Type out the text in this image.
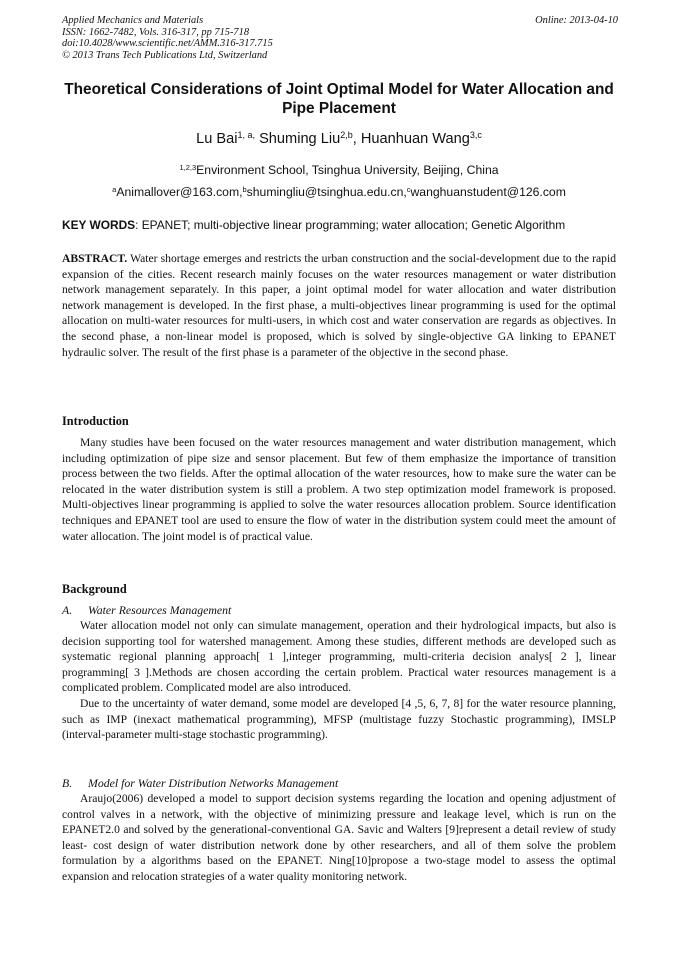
Applied Mechanics and Materials
ISSN: 1662-7482, Vols. 316-317, pp 715-718
doi:10.4028/www.scientific.net/AMM.316-317.715
© 2013 Trans Tech Publications Ltd, Switzerland
Online: 2013-04-10
Theoretical Considerations of Joint Optimal Model for Water Allocation and Pipe Placement
Lu Bai$^{1, a,}$ Shuming Liu$^{2,b}$, Huanhuan Wang$^{3,c}$
$^{1,2,3}$Environment School, Tsinghua University, Beijing, China
$^a$Animallover@163.com,$^b$shumingliu@tsinghua.edu.cn,$^c$wanghuanstudent@126.com
KEY WORDS: EPANET; multi-objective linear programming; water allocation; Genetic Algorithm

ABSTRACT. Water shortage emerges and restricts the urban construction and the social-development due to the rapid expansion of the cities. Recent research mainly focuses on the water resources management or water distribution network management separately. In this paper, a joint optimal model for water allocation and water distribution network management is developed. In the first phase, a multi-objectives linear programming is used for the optimal allocation on multi-water resources for multi-users, in which cost and water conservation are regards as objectives. In the second phase, a non-linear model is proposed, which is solved by single-objective GA linking to EPANET hydraulic solver. The result of the first phase is a parameter of the objective in the second phase.

Introduction

Many studies have been focused on the water resources management and water distribution management, which including optimization of pipe size and sensor placement. But few of them emphasize the importance of transition process between the two fields. After the optimal allocation of the water resources, how to make sure the water can be relocated in the water distribution system is still a problem. A two step optimization model framework is proposed. Multi-objectives linear programming is applied to solve the water resources allocation problem. Source identification techniques and EPANET tool are used to ensure the flow of water in the distribution system could meet the amount of water allocation. The joint model is of practical value.

Background
A. Water Resources Management

Water allocation model not only can simulate management, operation and their hydrological impacts, but also is decision supporting tool for watershed management. Among these studies, different methods are developed such as systematic regional planning approach[ 1 ],integer programming, multi-criteria decision analys[ 2 ], linear programming[ 3 ].Methods are chosen according the certain problem. Practical water resources management is a complicated problem. Complicated model are also introduced.

Due to the uncertainty of water demand, some model are developed [4 ,5, 6, 7, 8] for the water resource planning, such as IMP (inexact mathematical programming), MFSP (multistage fuzzy Stochastic programming), IMSLP (interval-parameter multi-stage stochastic programming).

B. Model for Water Distribution Networks Management

Araujo(2006) developed a model to support decision systems regarding the location and opening adjustment of control valves in a network, with the objective of minimizing pressure and leakage level, which is run on the EPANET2.0 and solved by the generational-conventional GA. Savic and Walters [9]represent a detail review of study least- cost design of water distribution network done by other researchers, and all of them solve the problem formulation by a algorithms based on the EPANET. Ning[10]propose a two-stage model to assess the optimal expansion and relocation strategies of a water quality monitoring network.
